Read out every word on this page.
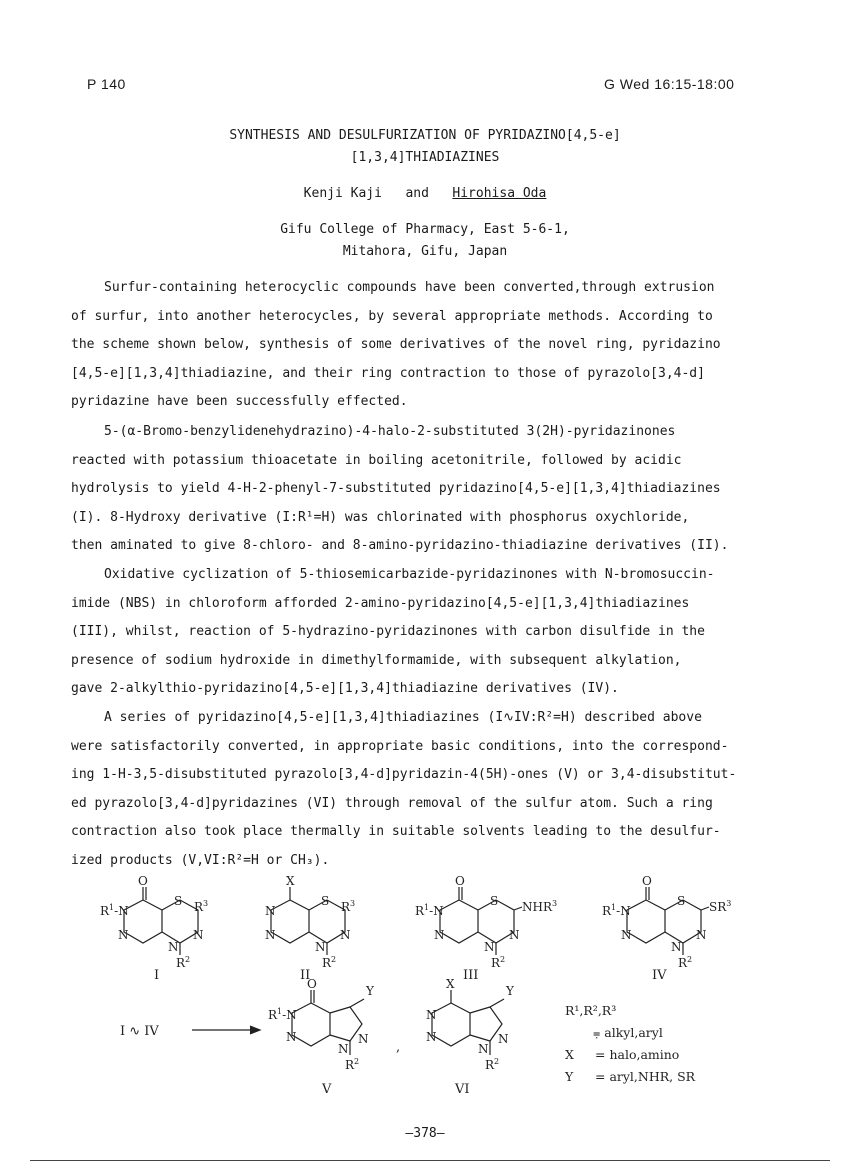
P 140	G Wed 16:15-18:00
SYNTHESIS AND DESULFURIZATION OF PYRIDAZINO[4,5-e]
[1,3,4]THIADIAZINES
Kenji Kaji and Hirohisa Oda
Gifu College of Pharmacy, East 5-6-1,
Mitahora, Gifu, Japan
Surfur-containing heterocyclic compounds have been converted,through extrusion
of surfur, into another heterocycles, by several appropriate methods. According to
the scheme shown below, synthesis of some derivatives of the novel ring, pyridazino
[4,5-e][1,3,4]thiadiazine, and their ring contraction to those of pyrazolo[3,4-d]
pyridazine have been successfully effected.
5-(α-Bromo-benzylidenehydrazino)-4-halo-2-substituted 3(2H)-pyridazinones
reacted with potassium thioacetate in boiling acetonitrile, followed by acidic
hydrolysis to yield 4-H-2-phenyl-7-substituted pyridazino[4,5-e][1,3,4]thiadiazines
(I). 8-Hydroxy derivative (I:R¹=H) was chlorinated with phosphorus oxychloride,
then aminated to give 8-chloro- and 8-amino-pyridazino-thiadiazine derivatives (II).
Oxidative cyclization of 5-thiosemicarbazide-pyridazinones with N-bromosuccin-
imide (NBS) in chloroform afforded 2-amino-pyridazino[4,5-e][1,3,4]thiadiazines
(III), whilst, reaction of 5-hydrazino-pyridazinones with carbon disulfide in the
presence of sodium hydroxide in dimethylformamide, with subsequent alkylation,
gave 2-alkylthio-pyridazino[4,5-e][1,3,4]thiadiazine derivatives (IV).
A series of pyridazino[4,5-e][1,3,4]thiadiazines (I∿IV:R²=H) described above
were satisfactorily converted, in appropriate basic conditions, into the correspond-
ing 1-H-3,5-disubstituted pyrazolo[3,4-d]pyridazin-4(5H)-ones (V) or 3,4-disubstitut-
ed pyrazolo[3,4-d]pyridazines (VI) through removal of the sulfur atom. Such a ring
contraction also took place thermally in suitable solvents leading to the desulfur-
ized products (V,VI:R²=H or CH₃).
O
$R^1-N$
N
S $R^3$
N
N
$R^2$
X
N
N
S $R^3$
N
N
$R^2$
O
$R^1-N$
N
S NHR$^3$
N
N
$R^2$
O
$R^1-N$
N
S $SR^3$
N
N
$R^2$
O
$R^1-N$
N
Y
N
N
$R^2$
X
N
N
Y
N
N
$R^2$
I	II	III	IV
V	VI
I ∿ IV
,
R¹,R²,R³
⩦ alkyl,aryl
X = halo,amino
Y = aryl,NHR, SR
—378—
